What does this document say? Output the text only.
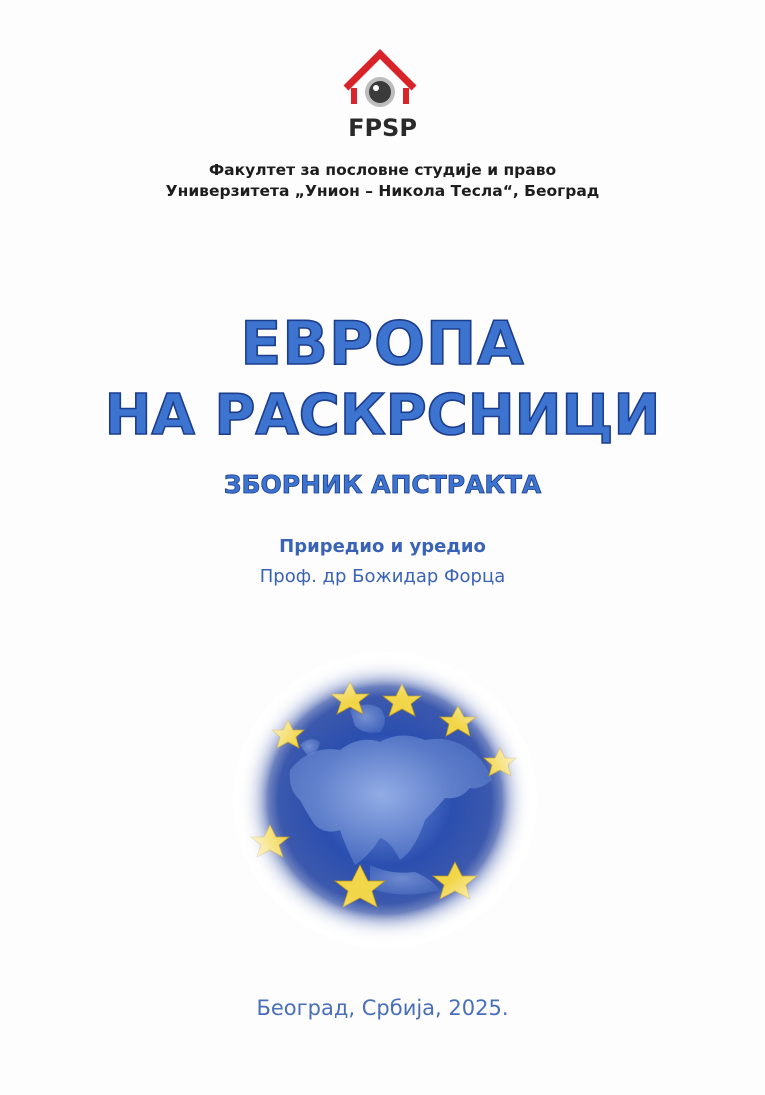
FPSP
Факултет за пословне студије и право
Универзитета „Унион – Никола Тесла“, Београд
ЕВРОПА
НА РАСКРСНИЦИ
ЗБОРНИК АПСТРАКТА
Приредио и уредио
Проф. др Божидар Форца
Београд, Србија, 2025.
